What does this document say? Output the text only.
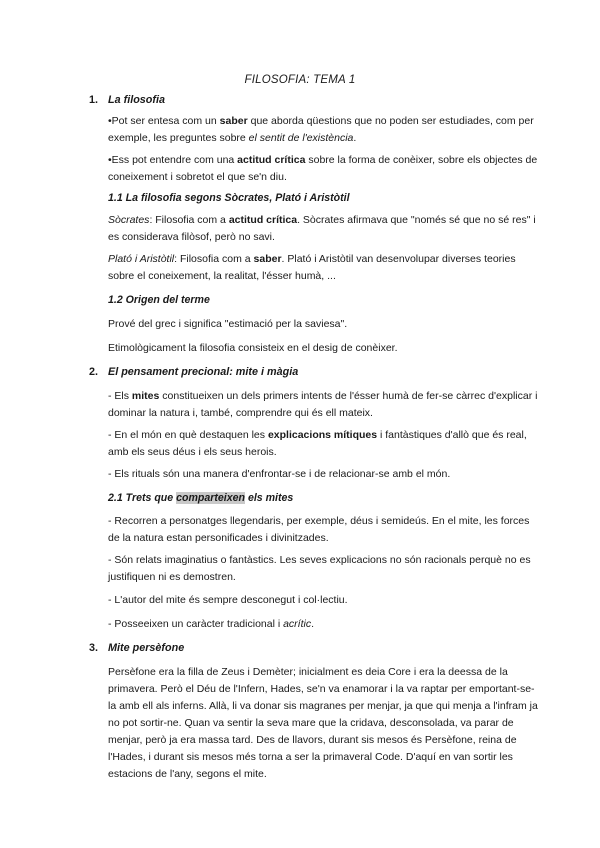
FILOSOFIA: TEMA 1
1. La filosofia
•Pot ser entesa com un saber que aborda qüestions que no poden ser estudiades, com per exemple, les preguntes sobre el sentit de l'existència.
•Ess pot entendre com una actitud crítica sobre la forma de conèixer, sobre els objectes de coneixement i sobretot el que se'n diu.
1.1 La filosofia segons Sòcrates, Plató i Aristòtil
Sòcrates: Filosofia com a actitud crítica. Sòcrates afirmava que "només sé que no sé res" i es considerava filòsof, però no savi.
Plató i Aristòtil: Filosofia com a saber. Plató i Aristòtil van desenvolupar diverses teories sobre el coneixement, la realitat, l'ésser humà, ...
1.2 Origen del terme
Prové del grec i significa "estimació per la saviesa".
Etimològicament la filosofia consisteix en el desig de conèixer.
2. El pensament precional: mite i màgia
- Els mites constitueixen un dels primers intents de l'ésser humà de fer-se càrrec d'explicar i dominar la natura i, també, comprendre qui és ell mateix.
- En el món en què destaquen les explicacions mítiques i fantàstiques d'allò que és real, amb els seus déus i els seus herois.
- Els rituals són una manera d'enfrontar-se i de relacionar-se amb el món.
2.1 Trets que comparteixen els mites
- Recorren a personatges llegendaris, per exemple, déus i semideús. En el mite, les forces de la natura estan personificades i divinitzades.
- Són relats imaginatius o fantàstics. Les seves explicacions no són racionals perquè no es justifiquen ni es demostren.
- L'autor del mite és sempre desconegut i col·lectiu.
- Posseeixen un caràcter tradicional i acrític.
3. Mite persèfone
Persèfone era la filla de Zeus i Demèter; inicialment es deia Core i era la deessa de la primavera. Però el Déu de l'Infern, Hades, se'n va enamorar i la va raptar per emportant-se-la amb ell als inferns. Allà, li va donar sis magranes per menjar, ja que qui menja a l'infram ja no pot sortir-ne. Quan va sentir la seva mare que la cridava, desconsolada, va parar de menjar, però ja era massa tard. Des de llavors, durant sis mesos és Persèfone, reina de l'Hades, i durant sis mesos més torna a ser la primaveral Code. D'aquí en van sortir les estacions de l'any, segons el mite.
